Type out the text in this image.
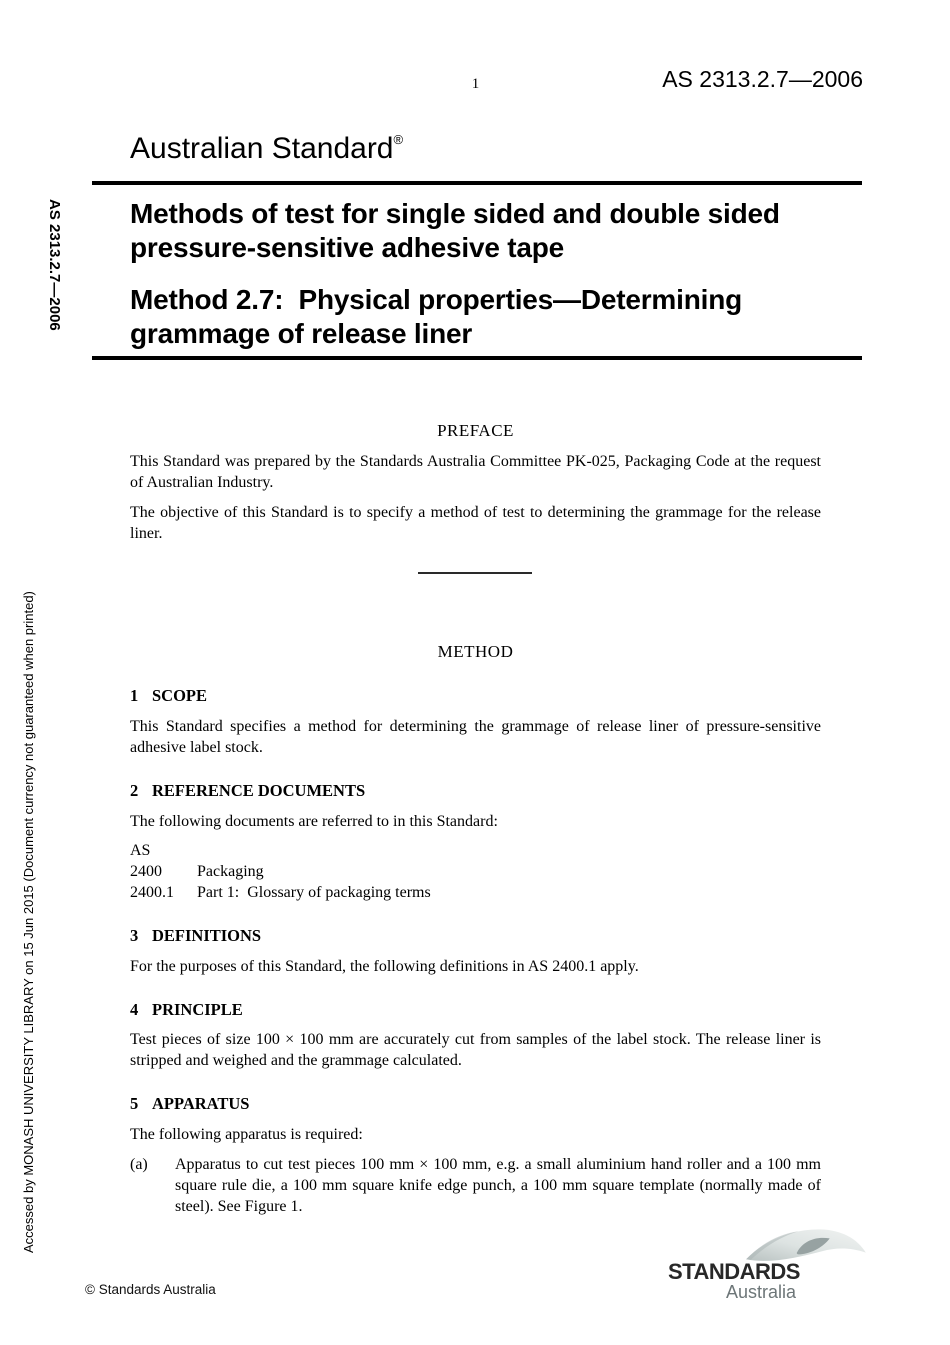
AS 2313.2.7—2006
Accessed by MONASH UNIVERSITY LIBRARY on 15 Jun 2015 (Document currency not guaranteed when printed)
1	AS 2313.2.7—2006
Australian Standard®
Methods of test for single sided and double sided pressure-sensitive adhesive tape
Method 2.7:  Physical properties—Determining grammage of release liner
PREFACE

This Standard was prepared by the Standards Australia Committee PK-025, Packaging Code at the request of Australian Industry.

The objective of this Standard is to specify a method of test to determining the grammage for the release liner.

METHOD
1 SCOPE

This Standard specifies a method for determining the grammage of release liner of pressure-sensitive adhesive label stock.

2 REFERENCE DOCUMENTS

The following documents are referred to in this Standard:

AS
2400 Packaging
2400.1 Part 1:  Glossary of packaging terms
3 DEFINITIONS

For the purposes of this Standard, the following definitions in AS 2400.1 apply.

4 PRINCIPLE

Test pieces of size 100 × 100 mm are accurately cut from samples of the label stock. The release liner is stripped and weighed and the grammage calculated.

5 APPARATUS

The following apparatus is required:

(a) Apparatus to cut test pieces 100 mm × 100 mm, e.g. a small aluminium hand roller and a 100 mm square rule die, a 100 mm square knife edge punch, a 100 mm square template (normally made of steel). See Figure 1.
© Standards Australia
STANDARDS
Australia
